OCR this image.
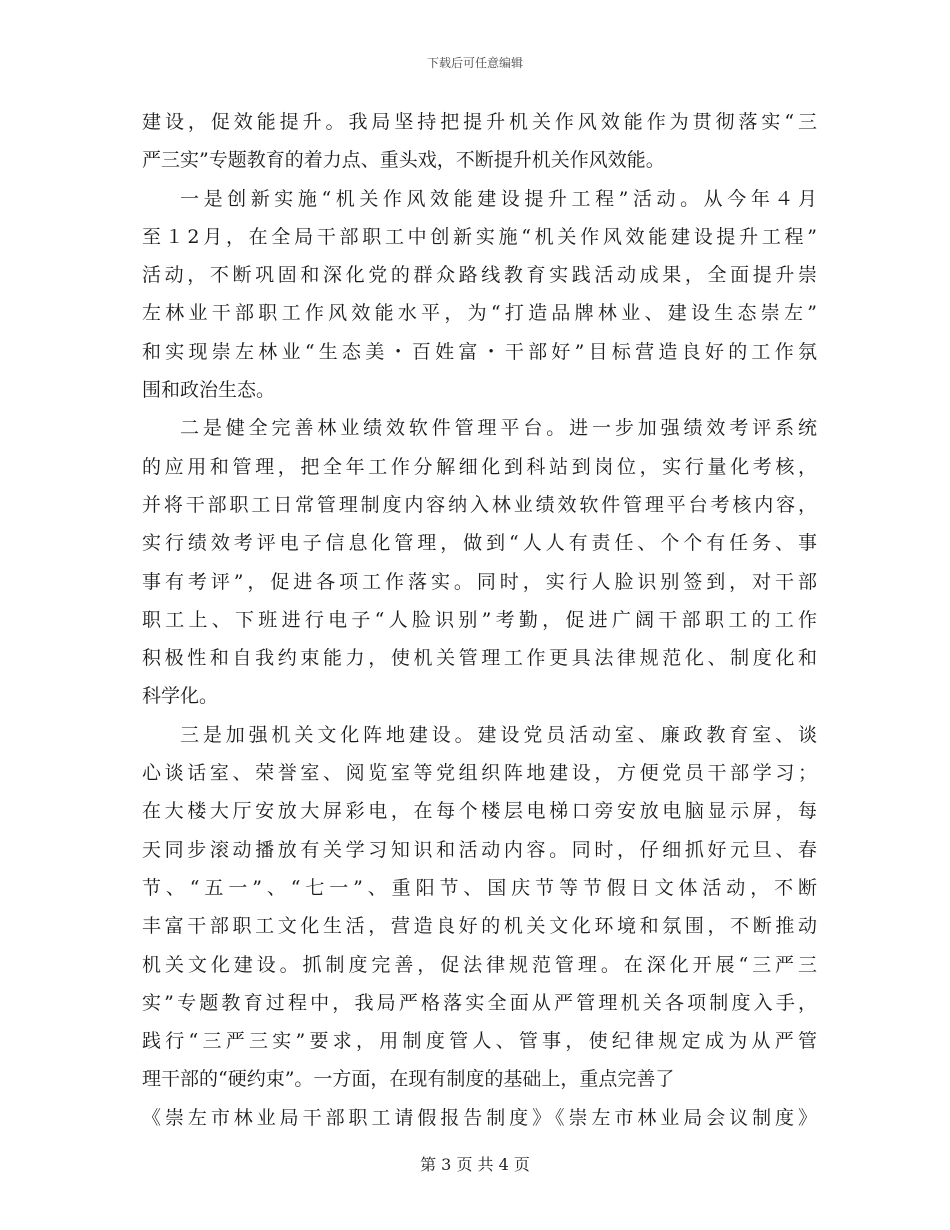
下载后可任意编辑
建设，促效能提升。我局坚持把提升机关作风效能作为贯彻落实“三
严三实”专题教育的着力点、重头戏，不断提升机关作风效能。
一是创新实施“机关作风效能建设提升工程”活动。从今年４月
至１2月，在全局干部职工中创新实施“机关作风效能建设提升工程”
活动，不断巩固和深化党的群众路线教育实践活动成果，全面提升崇
左林业干部职工作风效能水平，为“打造品牌林业、建设生态崇左”
和实现崇左林业“生态美・百姓富・干部好”目标营造良好的工作氛
围和政治生态。
二是健全完善林业绩效软件管理平台。进一步加强绩效考评系统
的应用和管理，把全年工作分解细化到科站到岗位，实行量化考核，
并将干部职工日常管理制度内容纳入林业绩效软件管理平台考核内容，
实行绩效考评电子信息化管理，做到“人人有责任、个个有任务、事
事有考评”，促进各项工作落实。同时，实行人脸识别签到，对干部
职工上、下班进行电子“人脸识别”考勤，促进广阔干部职工的工作
积极性和自我约束能力，使机关管理工作更具法律规范化、制度化和
科学化。
三是加强机关文化阵地建设。建设党员活动室、廉政教育室、谈
心谈话室、荣誉室、阅览室等党组织阵地建设，方便党员干部学习；
在大楼大厅安放大屏彩电，在每个楼层电梯口旁安放电脑显示屏，每
天同步滚动播放有关学习知识和活动内容。同时，仔细抓好元旦、春
节、“五一”、“七一”、重阳节、国庆节等节假日文体活动，不断
丰富干部职工文化生活，营造良好的机关文化环境和氛围，不断推动
机关文化建设。抓制度完善，促法律规范管理。在深化开展“三严三
实”专题教育过程中，我局严格落实全面从严管理机关各项制度入手，
践行“三严三实”要求，用制度管人、管事，使纪律规定成为从严管
理干部的“硬约束”。一方面，在现有制度的基础上，重点完善了
《崇左市林业局干部职工请假报告制度》《崇左市林业局会议制度》
第 3 页 共 4 页
